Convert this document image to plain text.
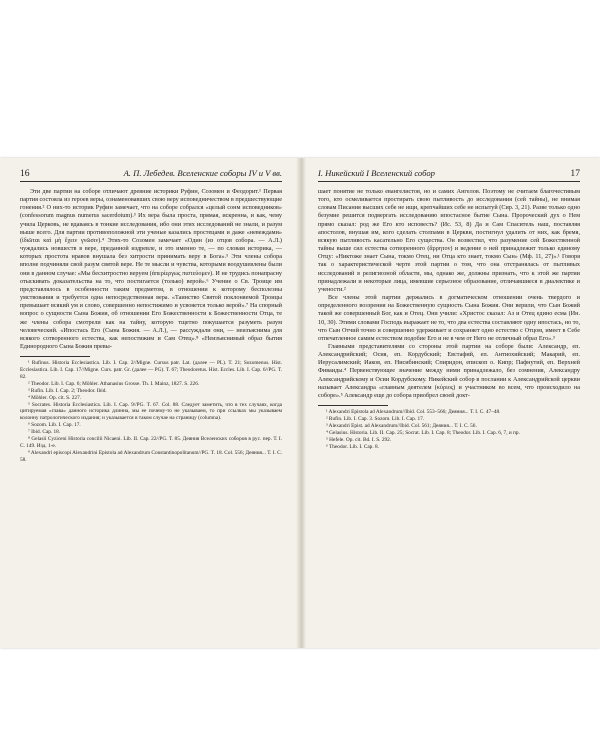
16	А. П. Лебедев. Вселенские соборы IV и V вв.

Эти две партии на соборе отличают древние историки Руфин, Созомен и Феодорит.¹ Первая партия состояла из героев веры, ознаменовавших свою веру исповедничеством в предшествующие гонения.² О них-то историк Руфин замечает, что на соборе собрался «целый сонм исповедников» (confessorum magnus numerus sacerdotum).³ Их вера была проста, прямая, искренна, и как, чему учила Церковь, не вдаваясь в тонкие исследования, ибо они этих исследований не знали, и разум выше всего. Для партии противоположной эти ученые казались простецами и даже «невеждами» (ἰδιῶται καὶ μὴ ἔχειν γνῶσιν).⁴ Этих-то Созомен замечает «Один (из отцов собора. — А.Л.) чуждались новшеств в вере, преданной издревле, и это именно те, — по словам историка, — которых простота нравов внушала без хитрости принимать веру в Бога».⁵ Эти члены собора вполне подчиняли свой разум святой вере. Не те мысли и чувства, которыми воодушевлены были они в данном случае: «Мы бесхитростно веруем (ἀπερίεργως πιστεύομεν). И не трудись понапрасну отыскивать доказательства на то, что постигается (только) верой».⁶ Учение о Св. Троице им представлялось в особенности таким предметом, в отношении к которому бесполезны умствования и требуется одна непосредственная вера. «Таинство Святой поклоняемой Троицы превышает всякий ум и слово, совершенно непостижимо и усвояется только верой».⁷ На спорный вопрос о сущности Сына Божия, об отношении Его Божественности к Божественности Отца, те же члены собора смотрели как на тайну, которую тщетно покушается разуметь разум человеческий. «Ипостась Его (Сына Божия. — А.Л.), — рассуждали они, — неизъяснима для всякого сотворенного естества, как непостижим и Сам Отец».⁸ «Неизъяснимый образ бытия Единородного Сына Божия превы-

¹ Rufinus. Historia Ecclesiastica. Lib. I. Cap. 2//Migne. Cursus patr. Lat. (далее — PL). T. 21; Sozomenus. Hist. Ecclesiastica. Lib. I. Cap. 17//Migne. Curs. patr. Gr. (далее — PG). T. 67; Theodoretus. Hist. Eccles. Lib. I. Cap. 6//PG. T. 82.

² Theodor. Lib. I. Cap. 6; Möhler. Athanasius Grosse. Th. I. Mainz, 1827. S. 226.

³ Rufin. Lib. I. Cap. 2; Theodor. Ibid.

⁴ Möhler. Op. cit. S. 227.

⁵ Socrates. Historia Ecclesiastica. Lib. I. Cap. 9//PG. T. 67. Col. 88. Следует заметить, что в тех случаях, когда цитируемая «глава» данного историка длинна, мы ее почему-то не указываем, то при ссылках мы указываем колонну патрологического издания; и указывается в таком случае на страницу (columna).

⁶ Sozom. Lib. I. Cap. 17.

⁷ Ibid. Cap. 18.

⁸ Gelasii Cyziceni Historia concilii Nicaeni. Lib. II. Cap. 22//PG. T. 85. Деяния Вселенских соборов в рус. пер. Т. I. С. 149. Изд. 1-е.

⁹ Alexandri episcopi Alexandrini Epistola ad Alexandrum Constantinopolitanum//PG. T. 18. Col. 556; Деяния... Т. I. С. 58.

I. Никейский I Вселенский собор	17

шает понятие не только евангелистов, но и самих Ангелов. Поэтому не считаем благочестивым того, кто осмеливается простирать свою пытливость до исследования (сей тайны), не внимая словам Писания высших себе не ищи, крепчайших себе не испытуй (Сир. 3, 21). Разве только одно безумие решится подвергать исследованию ипостасное бытие Сына. Пророческий дух о Нем прямо сказал: род же Его кто исповесть? (Ис. 53, 8) Да и Сам Спаситель наш, поставляя апостолов, внушая им, кого сделать столпами в Церкви, постигнул удалить от них, как бремя, всякую пытливость касательно Его существа. Он возвестил, что разумение сей Божественной тайны выше сил естества сотворенного (ἄρρητον) и ведение о ней принадлежит только единому Отцу: «Никтоже знает Сына, токмо Отец, ни Отца кто знает, токмо Сын» (Мф. 11, 27)».¹ Говоря так о характеристической черте этой партии о том, что она отстранялась от пытливых исследований в религиозной области, мы, однако же, должны признать, что к этой же партии принадлежали и некоторые лица, имевшие серьезное образование, отличавшиеся в диалектике и учености.²

Все члены этой партии держались в догматическом отношении очень твердого и определенного воззрения на Божественную сущность Сына Божия. Они верили, что Сын Божий такой же совершенный Бог, как и Отец. Они учили: «Христос сказал: Аз и Отец едино есма (Ин. 10, 30). Этими словами Господь выражает не то, что два естества составляют одну ипостась, но то, что Сын Отчий точно и совершенно удерживает и сохраняет одно естество с Отцом, имеет в Себе отпечатленное самим естеством подобие Его и не в чем от Него не отличный образ Его».³

Главными представителями со стороны этой партии на соборе были: Александр, еп. Александрийский; Осия, еп. Кордубский; Евстафий, еп. Антиохийский; Макарий, еп. Иерусалимский; Иаков, еп. Нисибинский; Спиридон, епископ о. Кипр; Пафнутий, еп. Верхней Фиваиды.⁴ Первенствующее значение между ними принадлежало, без сомнения, Александру Александрийскому и Осии Кордубскому. Никейский собор в послании к Александрийской церкви называет Александра «главным деятелем (κύριος) и участником во всем, что происходило на соборе».⁵ Александр еще до собора приобрел своей докт-

¹ Alexandri Epistola ad Alexandrum//Ibid. Col. 553–566; Деяния... Т. I. С. 47–48.

² Rufin. Lib. I. Cap. 3. Sozom. Lib. I. Cap. 17.

³ Alexandri Epist. ad Alexandrum//Ibid. Col. 561; Деяния... Т. I. С. 56.

⁴ Gelasius. Historia. Lib. II. Cap. 25; Socrat. Lib. I. Cap. 8; Theodor. Lib. I. Cap. 6, 7, и пр.

⁵ Hefele. Op. cit. Bd. I. S. 292.

⁶ Theodor. Lib. I. Cap. 8.
